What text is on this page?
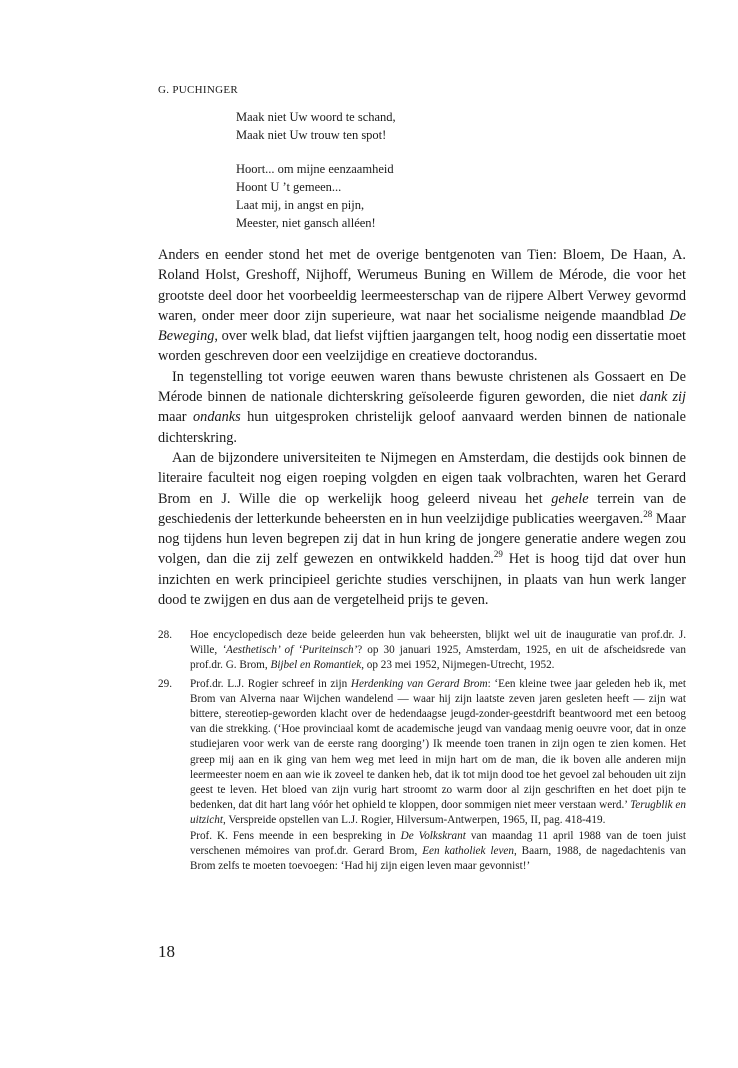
G. PUCHINGER
Maak niet Uw woord te schand,
Maak niet Uw trouw ten spot!
Hoort... om mijne eenzaamheid
Hoont U ’t gemeen...
Laat mij, in angst en pijn,
Meester, niet gansch alléen!

Anders en eender stond het met de overige bentgenoten van Tien: Bloem, De Haan, A. Roland Holst, Greshoff, Nijhoff, Werumeus Buning en Willem de Mérode, die voor het grootste deel door het voorbeeldig leermeesterschap van de rijpere Albert Verwey gevormd waren, onder meer door zijn superieure, wat naar het socialisme neigende maandblad De Beweging, over welk blad, dat liefst vijftien jaargangen telt, hoog nodig een dissertatie moet worden geschreven door een veelzijdige en creatieve doctorandus.

In tegenstelling tot vorige eeuwen waren thans bewuste christenen als Gossaert en De Mérode binnen de nationale dichterskring geïsoleerde figuren geworden, die niet dank zij maar ondanks hun uitgesproken christelijk geloof aanvaard werden binnen de nationale dichterskring.

Aan de bijzondere universiteiten te Nijmegen en Amsterdam, die destijds ook binnen de literaire faculteit nog eigen roeping volgden en eigen taak volbrachten, waren het Gerard Brom en J. Wille die op werkelijk hoog geleerd niveau het gehele terrein van de geschiedenis der letterkunde beheersten en in hun veelzijdige publicaties weergaven.$^{28}$ Maar nog tijdens hun leven begrepen zij dat in hun kring de jongere generatie andere wegen zou volgen, dan die zij zelf gewezen en ontwikkeld hadden.$^{29}$ Het is hoog tijd dat over hun inzichten en werk principieel gerichte studies verschijnen, in plaats van hun werk langer dood te zwijgen en dus aan de vergetelheid prijs te geven.

28. Hoe encyclopedisch deze beide geleerden hun vak beheersten, blijkt wel uit de inauguratie van prof.dr. J. Wille, ‘Aesthetisch’ of ‘Puriteinsch’? op 30 januari 1925, Amsterdam, 1925, en uit de afscheidsrede van prof.dr. G. Brom, Bijbel en Romantiek, op 23 mei 1952, Nijmegen-Utrecht, 1952.

29. Prof.dr. L.J. Rogier schreef in zijn Herdenking van Gerard Brom: ‘Een kleine twee jaar geleden heb ik, met Brom van Alverna naar Wijchen wandelend — waar hij zijn laatste zeven jaren gesleten heeft — zijn wat bittere, stereotiep-geworden klacht over de hedendaagse jeugd-zonder-geestdrift beantwoord met een betoog van die strekking. (‘Hoe provinciaal komt de academische jeugd van vandaag menig oeuvre voor, dat in onze studiejaren voor werk van de eerste rang doorging’) Ik meende toen tranen in zijn ogen te zien komen. Het greep mij aan en ik ging van hem weg met leed in mijn hart om de man, die ik boven alle anderen mijn leermeester noem en aan wie ik zoveel te danken heb, dat ik tot mijn dood toe het gevoel zal behouden uit zijn geest te leven. Het bloed van zijn vurig hart stroomt zo warm door al zijn geschriften en het doet pijn te bedenken, dat dit hart lang vóór het ophield te kloppen, door sommigen niet meer verstaan werd.’ Terugblik en uitzicht, Verspreide opstellen van L.J. Rogier, Hilversum-Antwerpen, 1965, II, pag. 418-419.

Prof. K. Fens meende in een bespreking in De Volkskrant van maandag 11 april 1988 van de toen juist verschenen mémoires van prof.dr. Gerard Brom, Een katholiek leven, Baarn, 1988, de nagedachtenis van Brom zelfs te moeten toevoegen: ‘Had hij zijn eigen leven maar gevonnist!’

18
